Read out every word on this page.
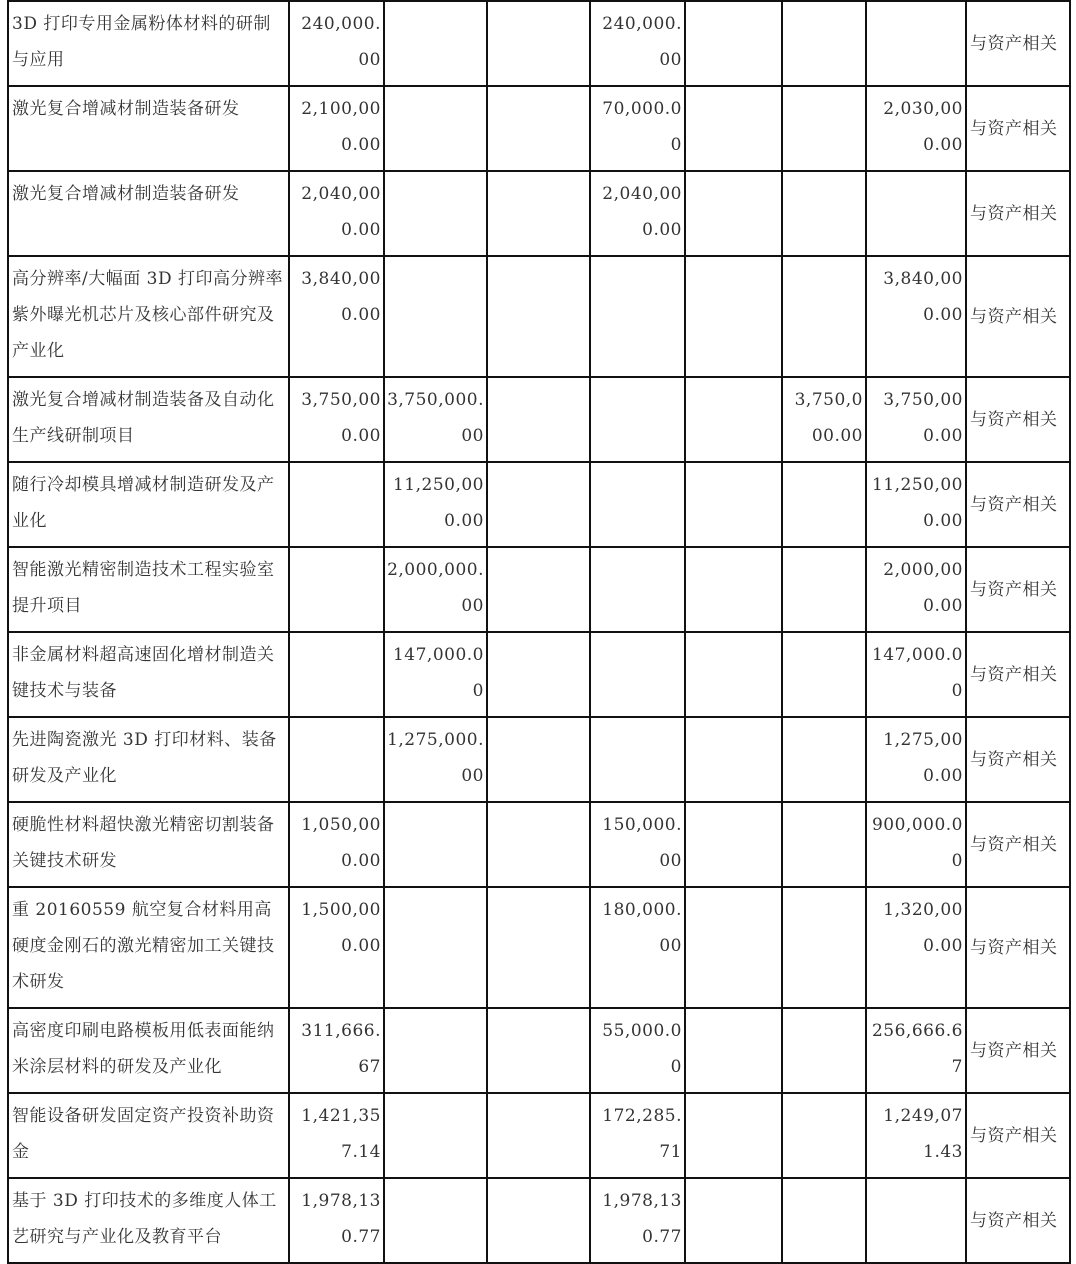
3D 打印专用金属粉体材料的研制与应用	240,000.00			240,000.00				与资产相关
激光复合增减材制造装备研发	2,100,000.00			70,000.00			2,030,000.00	与资产相关
激光复合增减材制造装备研发	2,040,000.00			2,040,000.00				与资产相关
高分辨率/大幅面 3D 打印高分辨率紫外曝光机芯片及核心部件研究及产业化	3,840,000.00						3,840,000.00	与资产相关
激光复合增减材制造装备及自动化生产线研制项目	3,750,000.00	3,750,000.00				3,750,000.00	3,750,000.00	与资产相关
随行冷却模具增减材制造研发及产业化		11,250,000.00					11,250,000.00	与资产相关
智能激光精密制造技术工程实验室提升项目		2,000,000.00					2,000,000.00	与资产相关
非金属材料超高速固化增材制造关键技术与装备		147,000.00					147,000.00	与资产相关
先进陶瓷激光 3D 打印材料、装备研发及产业化		1,275,000.00					1,275,000.00	与资产相关
硬脆性材料超快激光精密切割装备关键技术研发	1,050,000.00			150,000.00			900,000.00	与资产相关
重 20160559 航空复合材料用高硬度金刚石的激光精密加工关键技术研发	1,500,000.00			180,000.00			1,320,000.00	与资产相关
高密度印刷电路模板用低表面能纳米涂层材料的研发及产业化	311,666.67			55,000.00			256,666.67	与资产相关
智能设备研发固定资产投资补助资金	1,421,357.14			172,285.71			1,249,071.43	与资产相关
基于 3D 打印技术的多维度人体工艺研究与产业化及教育平台	1,978,130.77			1,978,130.77				与资产相关
